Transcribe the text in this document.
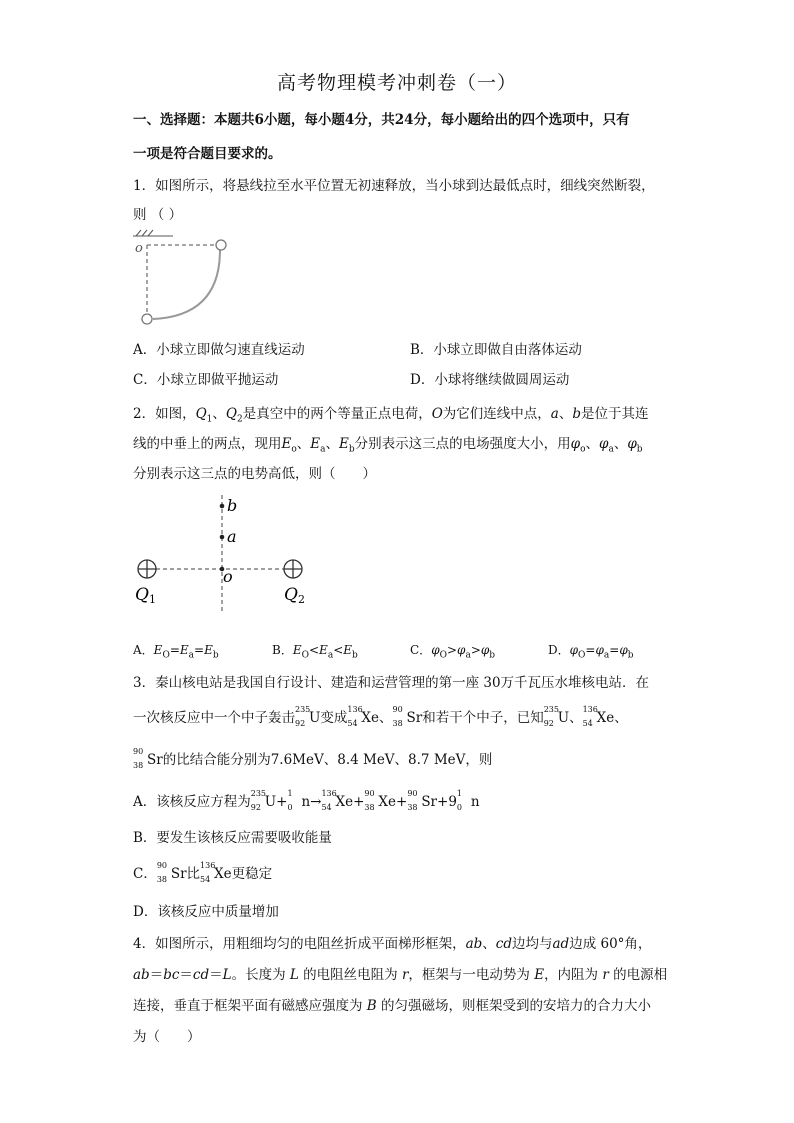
高考物理模考冲刺卷（一）
一、选择题：本题共6小题，每小题4分，共24分，每小题给出的四个选项中，只有
一项是符合题目要求的。
1．如图所示，将悬线拉至水平位置无初速释放，当小球到达最低点时，细线突然断裂，
则 （ ）
o
A．小球立即做匀速直线运动	B．小球立即做自由落体运动
C．小球立即做平抛运动	D．小球将继续做圆周运动
2．如图，$Q_1$、$Q_2$是真空中的两个等量正点电荷，O为它们连线中点，a、b是位于其连
线的中垂上的两点，现用$E_o$、$E_a$、$E_b$分别表示这三点的电场强度大小，用$\varphi_o$、$\varphi_a$、$\varphi_b$
分别表示这三点的电势高低，则（　　）
b
a
o
Q1	Q2
A．$E_O=E_a=E_b$	B．$E_O<E_a<E_b$	C．$\varphi_O>\varphi_a>\varphi_b$	D．$\varphi_O=\varphi_a=\varphi_b$
3．秦山核电站是我国自行设计、建造和运营管理的第一座 30万千瓦压水堆核电站．在
一次核反应中一个中子轰击
235
92 U变成
136
54 Xe、
90
38 Sr和若干个中子，已知
235
92 U、
136
54 Xe、
90
38 Sr的比结合能分别为7.6MeV、8.4 MeV、8.7 MeV，则
A．该核反应方程为
235
92 U+
1
0 n→
136
54 Xe+
90
38 Xe+
90
38 Sr+9
1
0 n
B．要发生该核反应需要吸收能量
C．
90
38 Sr比
136
54 Xe更稳定
D．该核反应中质量增加
4．如图所示，用粗细均匀的电阻丝折成平面梯形框架，ab、cd边均与ad边成 60°角，
ab＝bc＝cd＝L。长度为 L 的电阻丝电阻为 r，框架与一电动势为 E，内阻为 r 的电源相
连接，垂直于框架平面有磁感应强度为 B 的匀强磁场，则框架受到的安培力的合力大小
为（　　）
